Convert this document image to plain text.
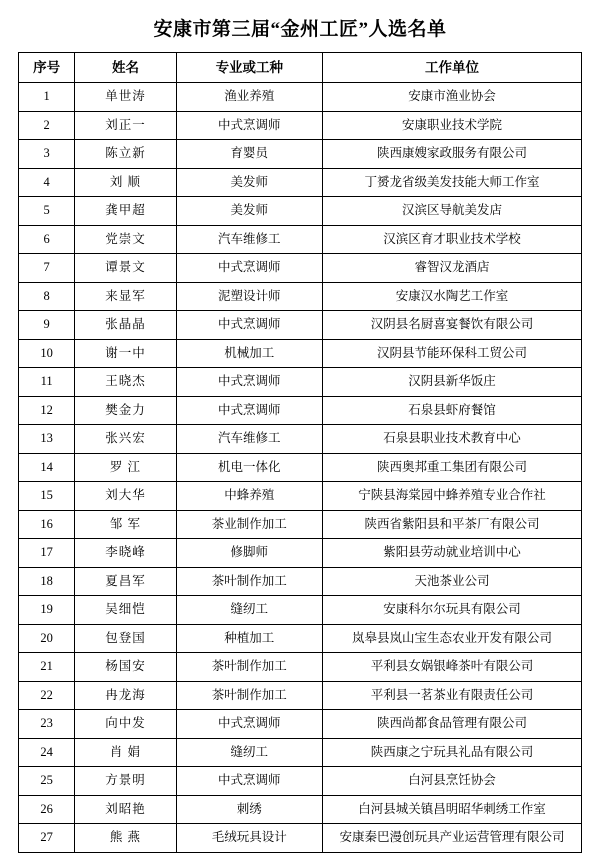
安康市第三届“金州工匠”人选名单
序号	姓名	专业或工种	工作单位
1	单世涛	渔业养殖	安康市渔业协会
2	刘正一	中式烹调师	安康职业技术学院
3	陈立新	育婴员	陕西康嫂家政服务有限公司
4	刘 顺	美发师	丁赟龙省级美发技能大师工作室
5	龚甲超	美发师	汉滨区导航美发店
6	党崇文	汽车维修工	汉滨区育才职业技术学校
7	谭景文	中式烹调师	睿智汉龙酒店
8	来显军	泥塑设计师	安康汉水陶艺工作室
9	张晶晶	中式烹调师	汉阴县名厨喜宴餐饮有限公司
10	谢一中	机械加工	汉阴县节能环保科工贸公司
11	王晓杰	中式烹调师	汉阴县新华饭庄
12	樊金力	中式烹调师	石泉县虾府餐馆
13	张兴宏	汽车维修工	石泉县职业技术教育中心
14	罗 江	机电一体化	陕西奥邦重工集团有限公司
15	刘大华	中蜂养殖	宁陕县海棠园中蜂养殖专业合作社
16	邹 军	茶业制作加工	陕西省紫阳县和平茶厂有限公司
17	李晓峰	修脚师	紫阳县劳动就业培训中心
18	夏昌军	茶叶制作加工	天池茶业公司
19	吴细恺	缝纫工	安康科尔尔玩具有限公司
20	包登国	种植加工	岚皋县岚山宝生态农业开发有限公司
21	杨国安	茶叶制作加工	平利县女娲银峰茶叶有限公司
22	冉龙海	茶叶制作加工	平利县一茗茶业有限责任公司
23	向中发	中式烹调师	陕西尚都食品管理有限公司
24	肖 娟	缝纫工	陕西康之宁玩具礼品有限公司
25	方景明	中式烹调师	白河县烹饪协会
26	刘昭艳	刺绣	白河县城关镇昌明昭华刺绣工作室
27	熊 燕	毛绒玩具设计	安康秦巴漫创玩具产业运营管理有限公司
